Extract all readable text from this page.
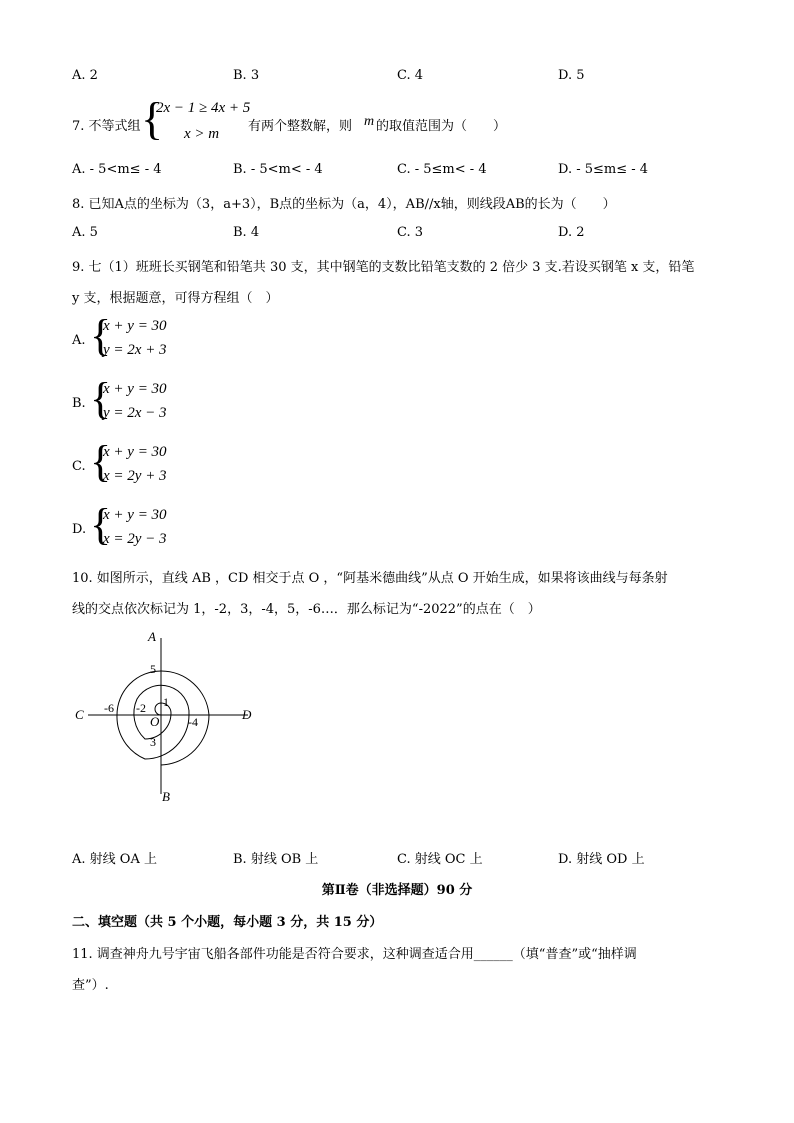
A. 2	B. 3	C. 4	D. 5
7. 不等式组 {
2x − 1 ≥ 4x + 5
x > m 有两个整数解，则 m 的取值范围为（　　）
A. - 5<m≤ - 4	B. - 5<m< - 4	C. - 5≤m< - 4	D. - 5≤m≤ - 4
8. 已知A点的坐标为（3，a+3），B点的坐标为（a，4），AB//x轴，则线段AB的长为（　　）
A. 5	B. 4	C. 3	D. 2
9. 七（1）班班长买钢笔和铅笔共 30 支，其中钢笔的支数比铅笔支数的 2 倍少 3 支.若设买钢笔 x 支，铅笔
y 支，根据题意，可得方程组（　）
A. {
x + y = 30
y = 2x + 3
B. {
x + y = 30
y = 2x − 3
C. {
x + y = 30
x = 2y + 3
D. {
x + y = 30
x = 2y − 3
10. 如图所示，直线 AB ，CD 相交于点 O ，“阿基米德曲线”从点 O 开始生成，如果将该曲线与每条射
线的交点依次标记为 1，-2，3，-4，5，-6…．那么标记为“-2022”的点在（　）
A
B
C	D
O
1
-2
3
-4
5
-6
A. 射线 OA 上	B. 射线 OB 上	C. 射线 OC 上	D. 射线 OD 上
第Ⅱ卷（非选择题）90 分
二、填空题（共 5 个小题，每小题 3 分，共 15 分）
11. 调查神舟九号宇宙飞船各部件功能是否符合要求，这种调查适合用______（填“普查”或“抽样调
查”）.
